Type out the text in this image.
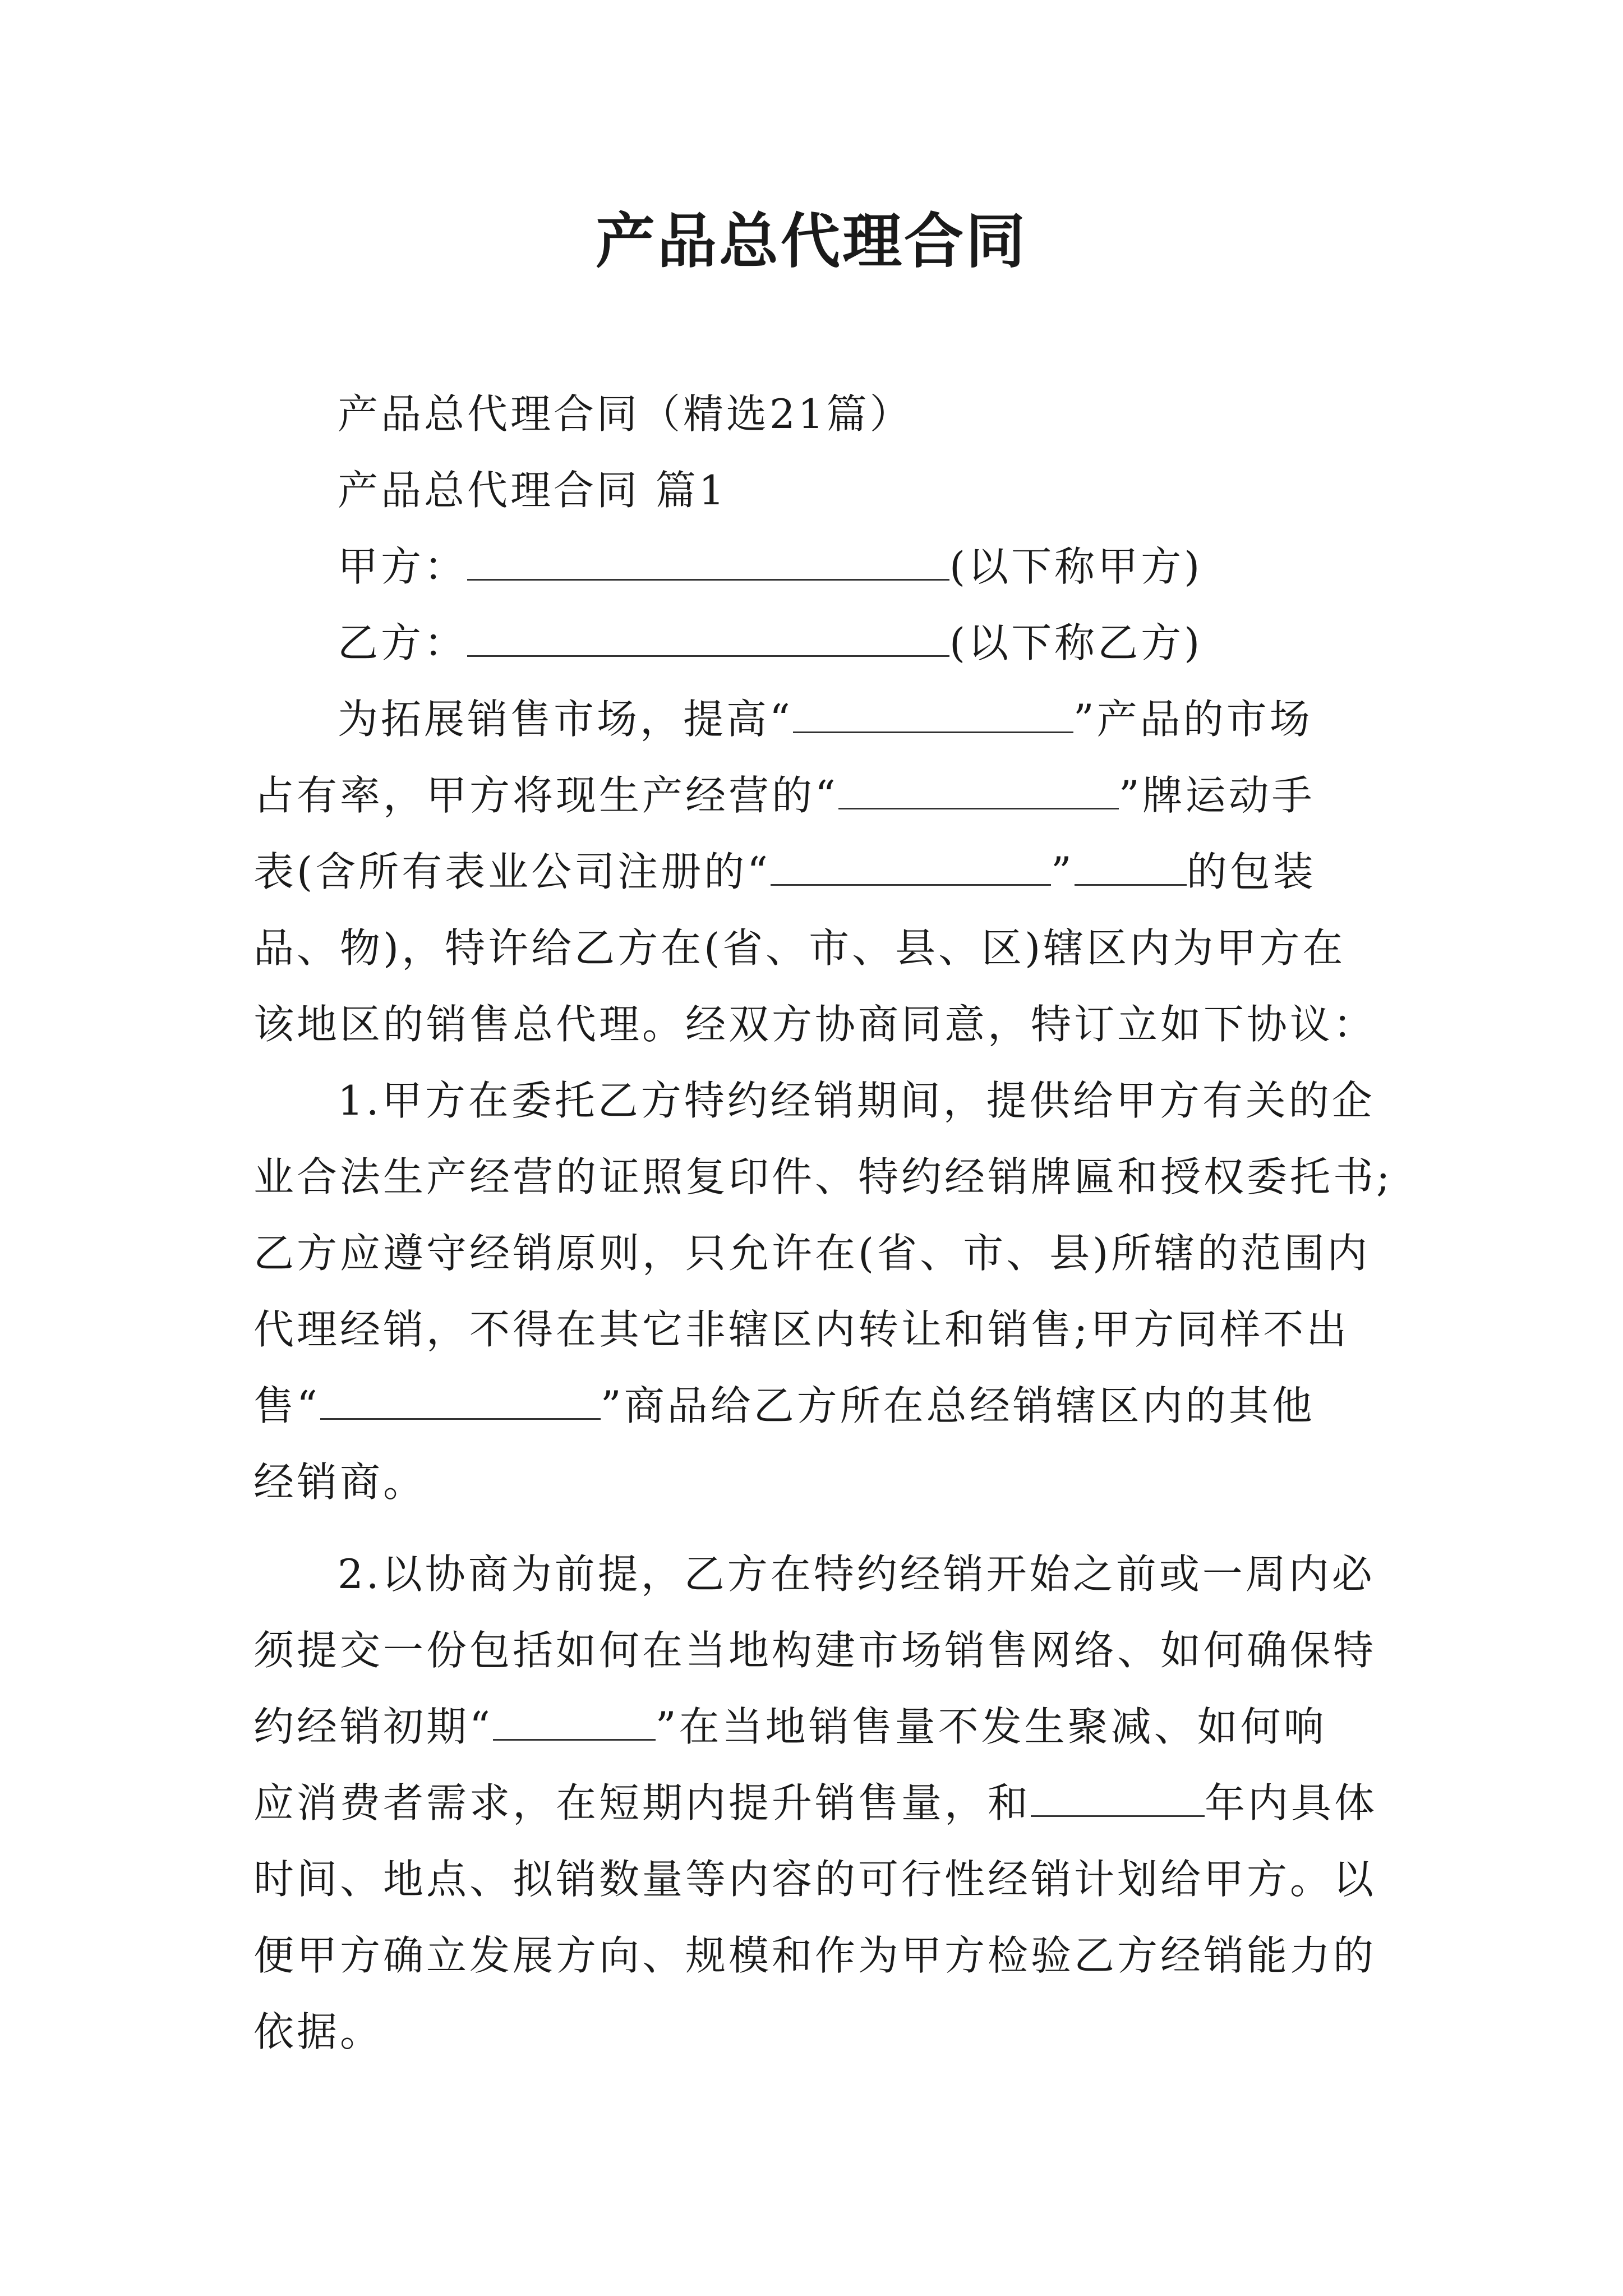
产品总代理合同

产品总代理合同（精选21篇）

产品总代理合同 篇1

甲方：	(以下称甲方)

乙方：	(以下称乙方)

为拓展销售市场，提高“	”产品的市场

占有率，甲方将现生产经营的“	”牌运动手

表(含所有表业公司注册的“	”	的包装

品、物)，特许给乙方在(省、市、县、区)辖区内为甲方在

该地区的销售总代理。经双方协商同意，特订立如下协议：

1.甲方在委托乙方特约经销期间，提供给甲方有关的企

业合法生产经营的证照复印件、特约经销牌匾和授权委托书;

乙方应遵守经销原则，只允许在(省、市、县)所辖的范围内

代理经销，不得在其它非辖区内转让和销售;甲方同样不出

售“	”商品给乙方所在总经销辖区内的其他

经销商。

2.以协商为前提，乙方在特约经销开始之前或一周内必

须提交一份包括如何在当地构建市场销售网络、如何确保特

约经销初期“	”在当地销售量不发生聚减、如何响

应消费者需求，在短期内提升销售量，和	年内具体

时间、地点、拟销数量等内容的可行性经销计划给甲方。以

便甲方确立发展方向、规模和作为甲方检验乙方经销能力的

依据。
